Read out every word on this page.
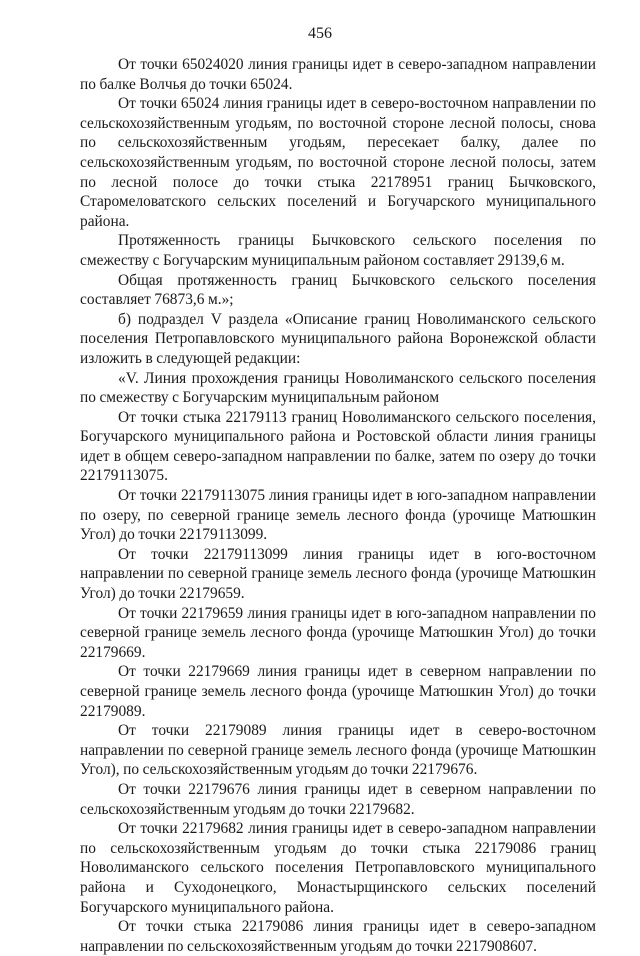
456

От точки 65024020 линия границы идет в северо-западном направлении по балке Волчья до точки 65024.

От точки 65024 линия границы идет в северо-восточном направлении по сельскохозяйственным угодьям, по восточной стороне лесной полосы, снова по сельскохозяйственным угодьям, пересекает балку, далее по сельскохозяйственным угодьям, по восточной стороне лесной полосы, затем по лесной полосе до точки стыка 22178951 границ Бычковского, Старомеловатского сельских поселений и Богучарского муниципального района.

Протяженность границы Бычковского сельского поселения по смежеству с Богучарским муниципальным районом составляет 29139,6 м.

Общая протяженность границ Бычковского сельского поселения составляет 76873,6 м.»;

б) подраздел V раздела «Описание границ Новолиманского сельского поселения Петропавловского муниципального района Воронежской области изложить в следующей редакции:

«V. Линия прохождения границы Новолиманского сельского поселения по смежеству с Богучарским муниципальным районом

От точки стыка 22179113 границ Новолиманского сельского поселения, Богучарского муниципального района и Ростовской области линия границы идет в общем северо-западном направлении по балке, затем по озеру до точки 22179113075.

От точки 22179113075 линия границы идет в юго-западном направлении по озеру, по северной границе земель лесного фонда (урочище Матюшкин Угол) до точки 22179113099.

От точки 22179113099 линия границы идет в юго-восточном направлении по северной границе земель лесного фонда (урочище Матюшкин Угол) до точки 22179659.

От точки 22179659 линия границы идет в юго-западном направлении по северной границе земель лесного фонда (урочище Матюшкин Угол) до точки 22179669.

От точки 22179669 линия границы идет в северном направлении по северной границе земель лесного фонда (урочище Матюшкин Угол) до точки 22179089.

От точки 22179089 линия границы идет в северо-восточном направлении по северной границе земель лесного фонда (урочище Матюшкин Угол), по сельскохозяйственным угодьям до точки 22179676.

От точки 22179676 линия границы идет в северном направлении по сельскохозяйственным угодьям до точки 22179682.

От точки 22179682 линия границы идет в северо-западном направлении по сельскохозяйственным угодьям до точки стыка 22179086 границ Новолиманского сельского поселения Петропавловского муниципального района и Суходонецкого, Монастырщинского сельских поселений Богучарского муниципального района.

От точки стыка 22179086 линия границы идет в северо-западном направлении по сельскохозяйственным угодьям до точки 2217908607.
